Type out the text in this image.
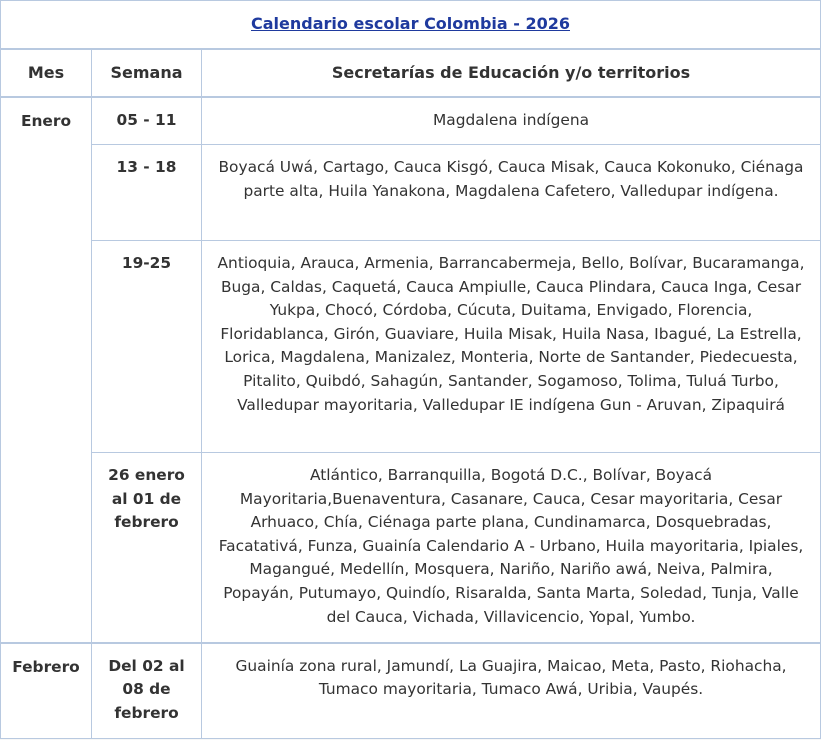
Calendario escolar Colombia - 2026		
Mes	Semana	Secretarías de Educación y/o territorios
Enero	05 - 11	Magdalena indígena
	13 - 18	Boyacá Uwá, Cartago, Cauca Kisgó, Cauca Misak, Cauca Kokonuko, Ciénaga parte alta, Huila Yanakona, Magdalena Cafetero, Valledupar indígena.
	19-25	Antioquia, Arauca, Armenia, Barrancabermeja, Bello, Bolívar, Bucaramanga, Buga, Caldas, Caquetá, Cauca Ampiulle, Cauca Plindara, Cauca Inga, Cesar Yukpa, Chocó, Córdoba, Cúcuta, Duitama, Envigado, Florencia, Floridablanca, Girón, Guaviare, Huila Misak, Huila Nasa, Ibagué, La Estrella, Lorica, Magdalena, Manizalez, Monteria, Norte de Santander, Piedecuesta, Pitalito, Quibdó, Sahagún, Santander, Sogamoso, Tolima, Tuluá Turbo, Valledupar mayoritaria, Valledupar IE indígena Gun - Aruvan, Zipaquirá
	26 enero al 01 de febrero	Atlántico, Barranquilla, Bogotá D.C., Bolívar, Boyacá Mayoritaria,Buenaventura, Casanare, Cauca, Cesar mayoritaria, Cesar Arhuaco, Chía, Ciénaga parte plana, Cundinamarca, Dosquebradas, Facatativá, Funza, Guainía Calendario A - Urbano, Huila mayoritaria, Ipiales, Magangué, Medellín, Mosquera, Nariño, Nariño awá, Neiva, Palmira, Popayán, Putumayo, Quindío, Risaralda, Santa Marta, Soledad, Tunja, Valle del Cauca, Vichada, Villavicencio, Yopal, Yumbo.
Febrero	Del 02 al 08 de febrero	Guainía zona rural, Jamundí, La Guajira, Maicao, Meta, Pasto, Riohacha, Tumaco mayoritaria, Tumaco Awá, Uribia, Vaupés.
